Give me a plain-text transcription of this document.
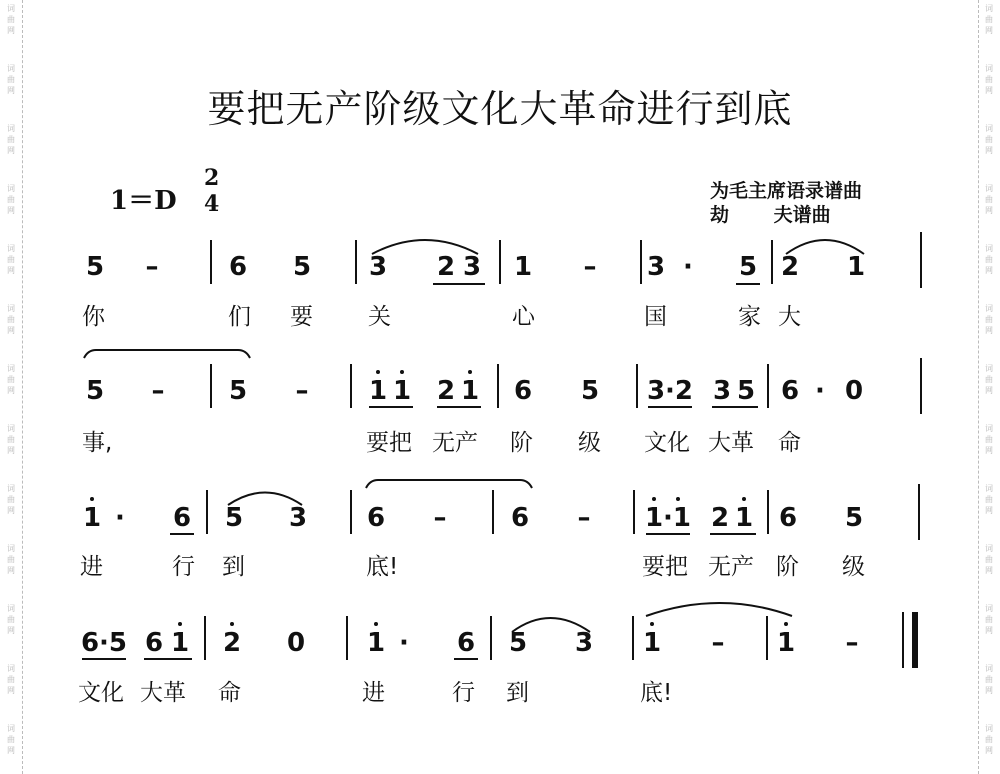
要把无产阶级文化大革命进行到底
1＝D
2
4	为毛主席语录谱曲
劫　　 夫谱曲
5 –	6 5 3 2 3 1 – 3 · 5 2 1
你	们 要 关	心	国	家 大
5 – 5 – 1 1 2 1 6 5 3·2 3 5 6 · 0
事,	要把 无产 阶 级 文化 大革 命
1 · 6 5 3 6 – 6 – 1·1 2 1 6 5
进	行 到	底!	要把 无产 阶 级
6·5 6 1 2 0 1 · 6 5 3 1 – 1 –
文化 大革 命	进	行 到	底!
词
曲
网
词
曲
网
词
曲
网
词
曲
网
词
曲
网
词
曲
网
词
曲
网
词
曲
网
词
曲
网
词
曲
网
词
曲
网
词
曲
网
词
曲
网
词
曲
网
词
曲
网
词
曲
网
词
曲
网
词
曲
网
词
曲
网
词
曲
网
词
曲
网
词
曲
网
词
曲
网
词
曲
网
词
曲
网
词
曲
网
